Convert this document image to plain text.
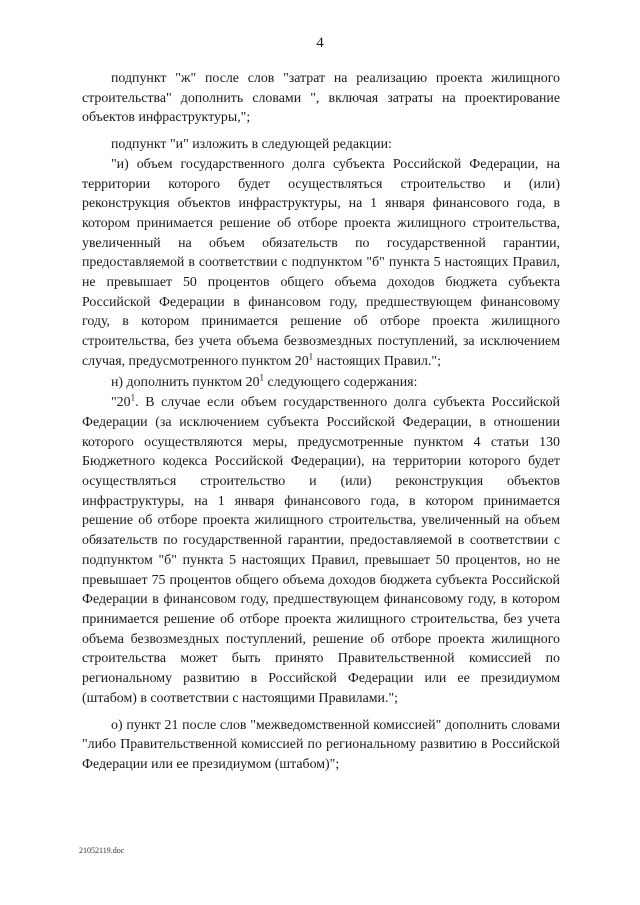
4

подпункт "ж" после слов "затрат на реализацию проекта жилищного строительства" дополнить словами ", включая затраты на проектирование объектов инфраструктуры,";

подпункт "и" изложить в следующей редакции:

"и) объем государственного долга субъекта Российской Федерации, на территории которого будет осуществляться строительство и (или) реконструкция объектов инфраструктуры, на 1 января финансового года, в котором принимается решение об отборе проекта жилищного строительства, увеличенный на объем обязательств по государственной гарантии, предоставляемой в соответствии с подпунктом "б" пункта 5 настоящих Правил, не превышает 50 процентов общего объема доходов бюджета субъекта Российской Федерации в финансовом году, предшествующем финансовому году, в котором принимается решение об отборе проекта жилищного строительства, без учета объема безвозмездных поступлений, за исключением случая, предусмотренного пунктом $20^1$ настоящих Правил.";

н) дополнить пунктом $20^1$ следующего содержания:

"$20^1$. В случае если объем государственного долга субъекта Российской Федерации (за исключением субъекта Российской Федерации, в отношении которого осуществляются меры, предусмотренные пунктом 4 статьи 130 Бюджетного кодекса Российской Федерации), на территории которого будет осуществляться строительство и (или) реконструкция объектов инфраструктуры, на 1 января финансового года, в котором принимается решение об отборе проекта жилищного строительства, увеличенный на объем обязательств по государственной гарантии, предоставляемой в соответствии с подпунктом "б" пункта 5 настоящих Правил, превышает 50 процентов, но не превышает 75 процентов общего объема доходов бюджета субъекта Российской Федерации в финансовом году, предшествующем финансовому году, в котором принимается решение об отборе проекта жилищного строительства, без учета объема безвозмездных поступлений, решение об отборе проекта жилищного строительства может быть принято Правительственной комиссией по региональному развитию в Российской Федерации или ее президиумом (штабом) в соответствии с настоящими Правилами.";

о) пункт 21 после слов "межведомственной комиссией" дополнить словами "либо Правительственной комиссией по региональному развитию в Российской Федерации или ее президиумом (штабом)";

21052119.doc
